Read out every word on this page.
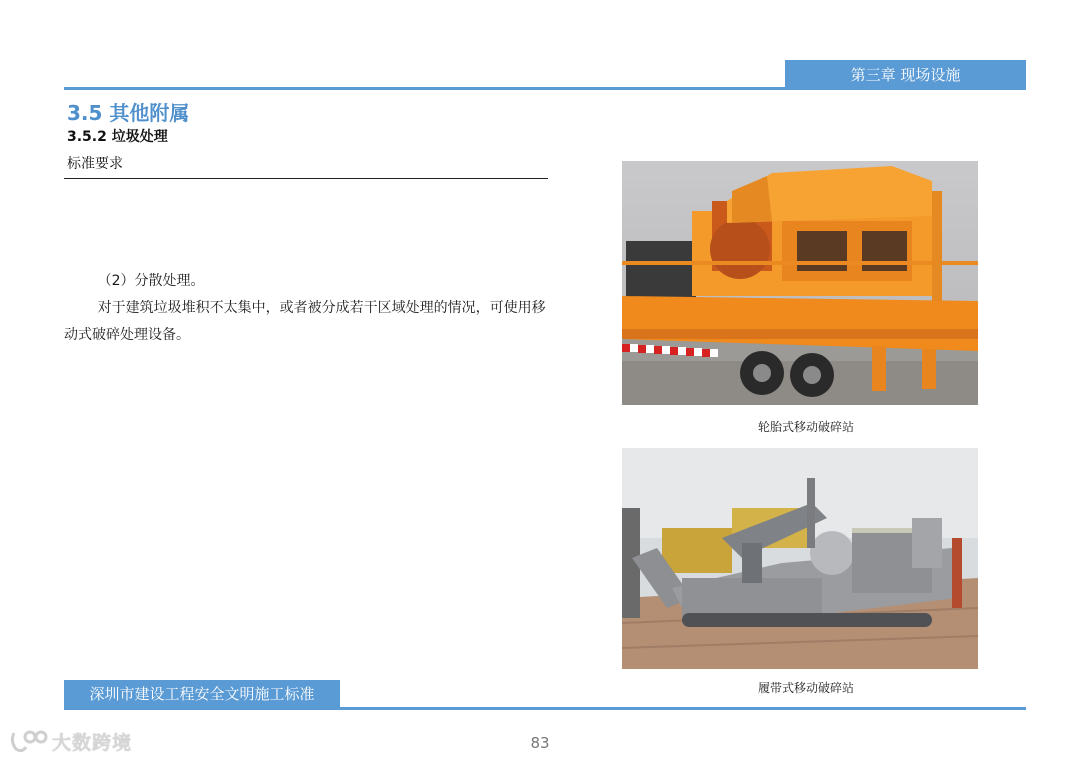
第三章 现场设施
3.5 其他附属
3.5.2 垃圾处理
标准要求

（2）分散处理。

对于建筑垃圾堆积不太集中，或者被分成若干区域处理的情况，可使用移动式破碎处理设备。

轮胎式移动破碎站
履带式移动破碎站
深圳市建设工程安全文明施工标准
83
大数跨境
